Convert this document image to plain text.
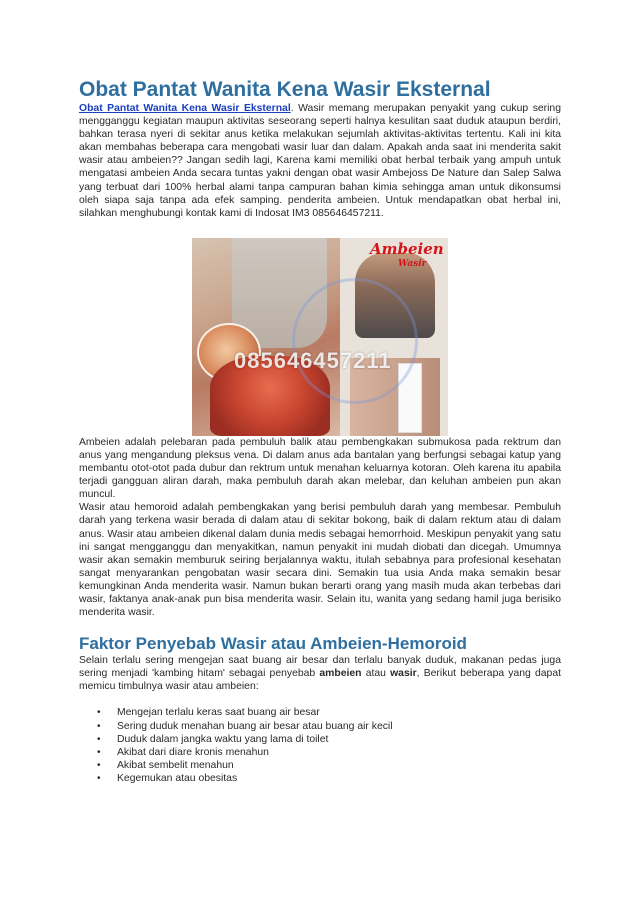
Obat Pantat Wanita Kena Wasir Eksternal

Obat Pantat Wanita Kena Wasir Eksternal. Wasir memang merupakan penyakit yang cukup sering mengganggu kegiatan maupun aktivitas seseorang seperti halnya kesulitan saat duduk ataupun berdiri, bahkan terasa nyeri di sekitar anus ketika melakukan sejumlah aktivitas-aktivitas tertentu. Kali ini kita akan membahas beberapa cara mengobati wasir luar dan dalam. Apakah anda saat ini menderita sakit wasir atau ambeien?? Jangan sedih lagi, Karena kami memiliki obat herbal terbaik yang ampuh untuk mengatasi ambeien Anda secara tuntas yakni dengan obat wasir Ambejoss De Nature dan Salep Salwa yang terbuat dari 100% herbal alami tanpa campuran bahan kimia sehingga aman untuk dikonsumsi oleh siapa saja tanpa ada efek samping. penderita ambeien. Untuk mendapatkan obat herbal ini, silahkan menghubungi kontak kami di Indosat IM3 085646457211.

Ambeien
Wasir
085646457211

Ambeien adalah pelebaran pada pembuluh balik atau pembengkakan submukosa pada rektrum dan anus yang mengandung pleksus vena. Di dalam anus ada bantalan yang berfungsi sebagai katup yang membantu otot-otot pada dubur dan rektrum untuk menahan keluarnya kotoran. Oleh karena itu apabila terjadi gangguan aliran darah, maka pembuluh darah akan melebar, dan keluhan ambeien pun akan muncul.

Wasir atau hemoroid adalah pembengkakan yang berisi pembuluh darah yang membesar. Pembuluh darah yang terkena wasir berada di dalam atau di sekitar bokong, baik di dalam rektum atau di dalam anus. Wasir atau ambeien dikenal dalam dunia medis sebagai hemorrhoid. Meskipun penyakit yang satu ini sangat mengganggu dan menyakitkan, namun penyakit ini mudah diobati dan dicegah. Umumnya wasir akan semakin memburuk seiring berjalannya waktu, itulah sebabnya para profesional kesehatan sangat menyarankan pengobatan wasir secara dini. Semakin tua usia Anda maka semakin besar kemungkinan Anda menderita wasir. Namun bukan berarti orang yang masih muda akan terbebas dari wasir, faktanya anak-anak pun bisa menderita wasir. Selain itu, wanita yang sedang hamil juga berisiko menderita wasir.

Faktor Penyebab Wasir atau Ambeien-Hemoroid

Selain terlalu sering mengejan saat buang air besar dan terlalu banyak duduk, makanan pedas juga sering menjadi 'kambing hitam' sebagai penyebab ambeien atau wasir, Berikut beberapa yang dapat memicu timbulnya wasir atau ambeien:

• Mengejan terlalu keras saat buang air besar
• Sering duduk menahan buang air besar atau buang air kecil
• Duduk dalam jangka waktu yang lama di toilet
• Akibat dari diare kronis menahun
• Akibat sembelit menahun
• Kegemukan atau obesitas
